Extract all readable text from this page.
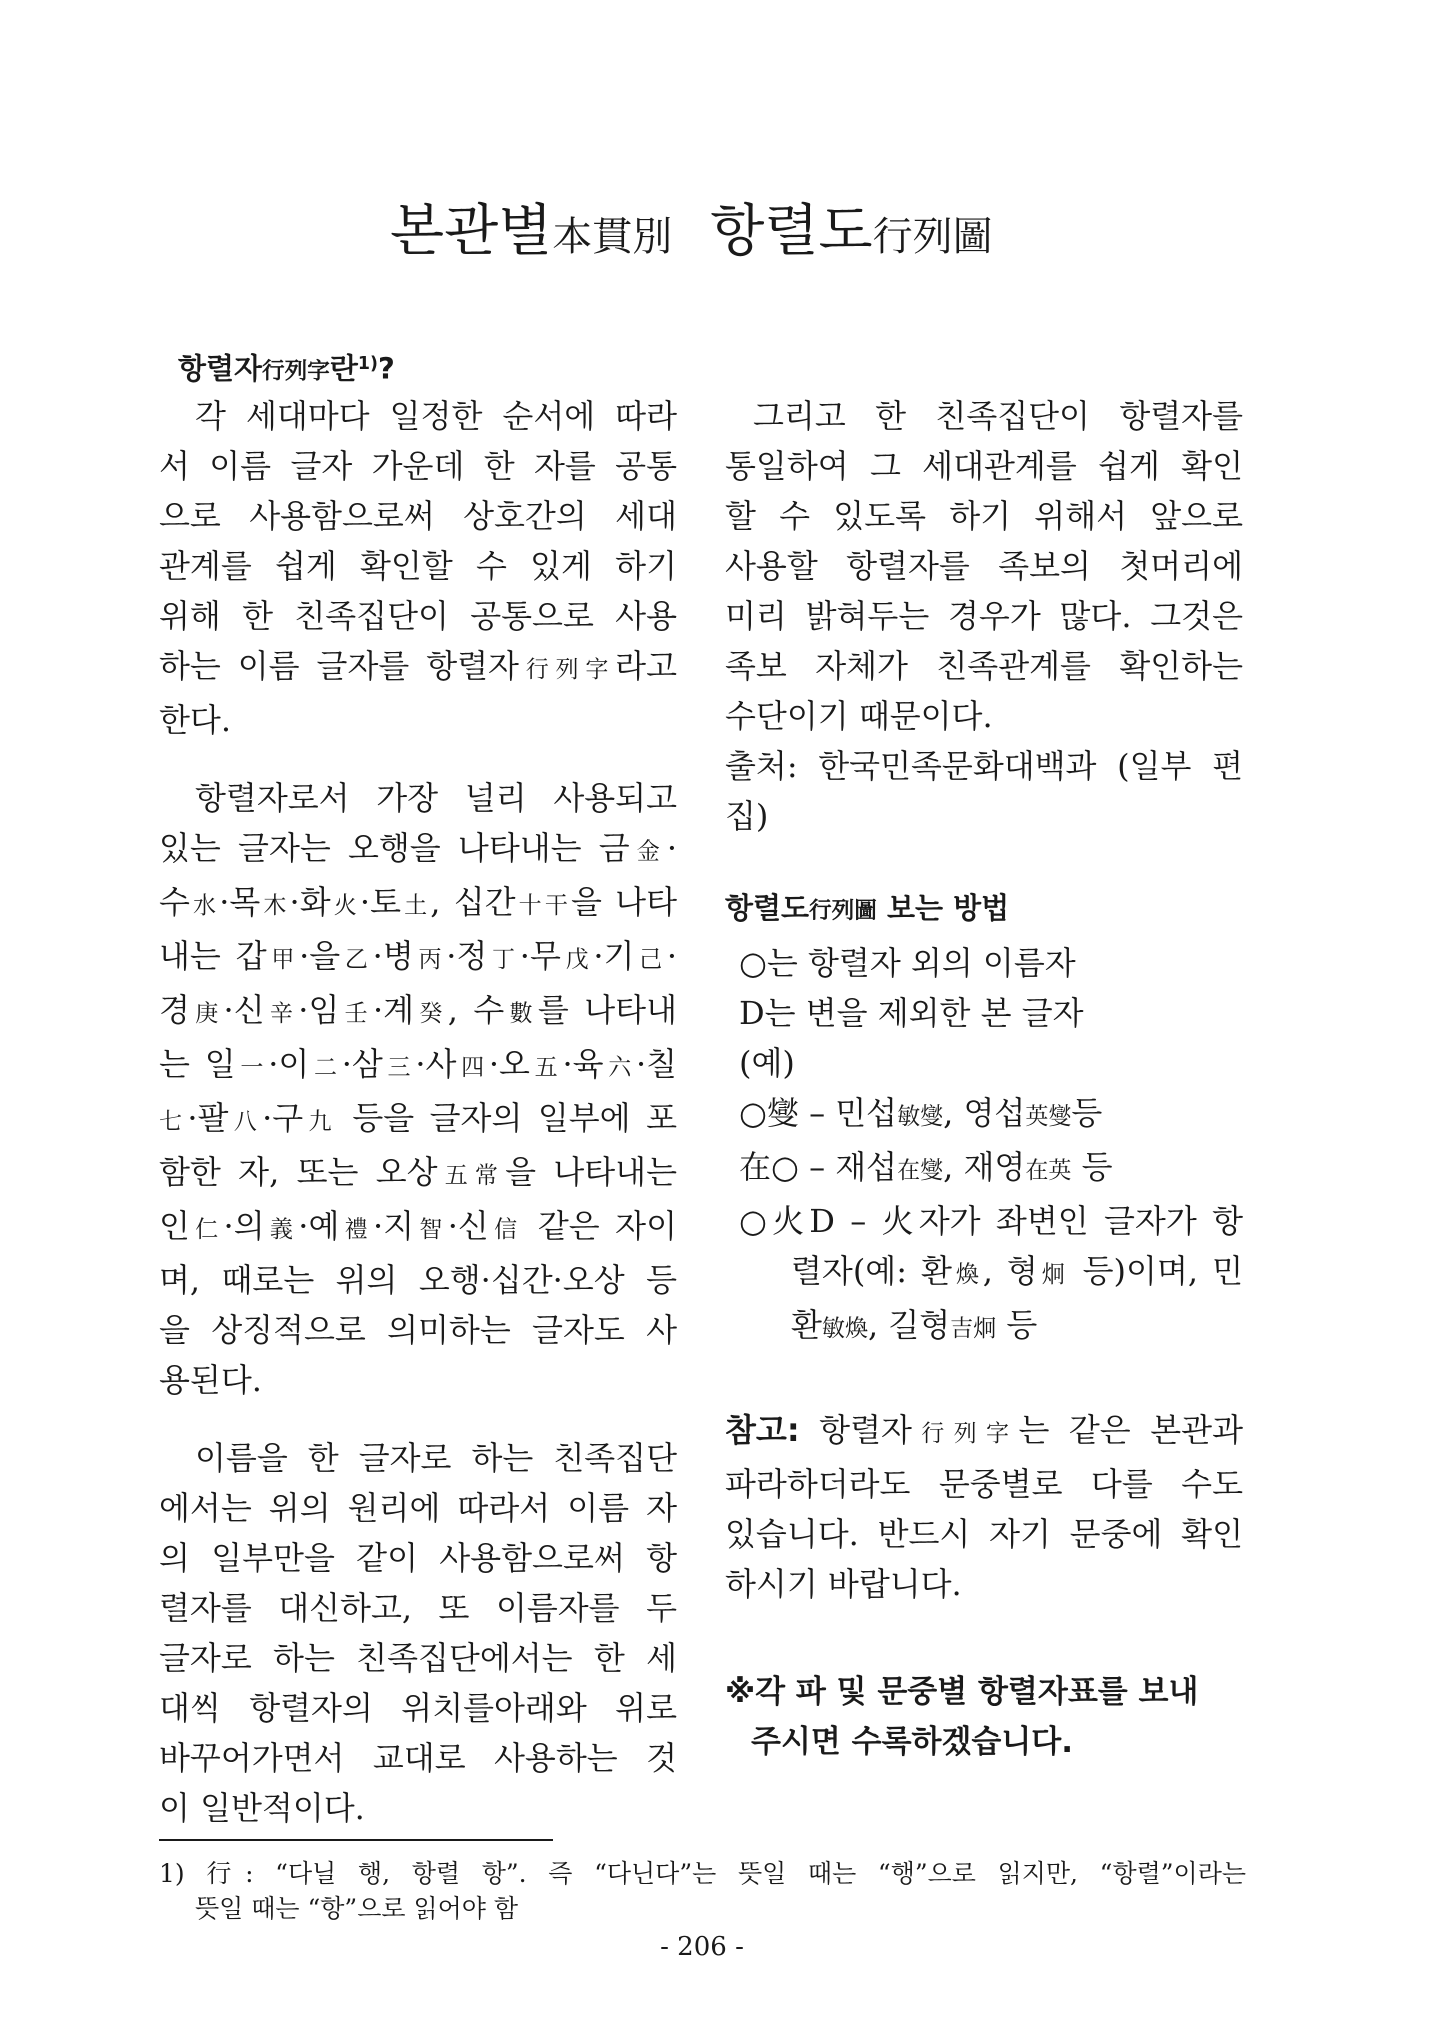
본관별本貫別 항렬도行列圖
항렬자行列字란$^{1)}$?
각 세대마다 일정한 순서에 따라
서 이름 글자 가운데 한 자를 공통
으로 사용함으로써 상호간의 세대
관계를 쉽게 확인할 수 있게 하기
위해 한 친족집단이 공통으로 사용
하는 이름 글자를 항렬자行列字라고
한다.
항렬자로서 가장 널리 사용되고
있는 글자는 오행을 나타내는 금金·
수水·목木·화火·토土, 십간十干을 나타
내는 갑甲·을乙·병丙·정丁·무戊·기己·
경庚·신辛·임壬·계癸, 수數를 나타내
는 일一·이二·삼三·사四·오五·육六·칠
七·팔八·구九 등을 글자의 일부에 포
함한 자, 또는 오상五常을 나타내는
인仁·의義·예禮·지智·신信 같은 자이
며, 때로는 위의 오행·십간·오상 등
을 상징적으로 의미하는 글자도 사
용된다.
이름을 한 글자로 하는 친족집단
에서는 위의 원리에 따라서 이름 자
의 일부만을 같이 사용함으로써 항
렬자를 대신하고, 또 이름자를 두
글자로 하는 친족집단에서는 한 세
대씩 항렬자의 위치를아래와 위로
바꾸어가면서 교대로 사용하는 것
이 일반적이다.
그리고 한 친족집단이 항렬자를
통일하여 그 세대관계를 쉽게 확인
할 수 있도록 하기 위해서 앞으로
사용할 항렬자를 족보의 첫머리에
미리 밝혀두는 경우가 많다. 그것은
족보 자체가 친족관계를 확인하는
수단이기 때문이다.
출처: 한국민족문화대백과 (일부 편
집)
항렬도行列圖 보는 방법
○는 항렬자 외의 이름자
D는 변을 제외한 본 글자
(예)
○燮 – 민섭敏燮, 영섭英燮등
在○ – 재섭在燮, 재영在英 등
○火D – 火자가 좌변인 글자가 항
렬자(예: 환煥, 형炯 등)이며, 민
환敏煥, 길형吉炯 등
참고: 항렬자行列字는 같은 본관과
파라하더라도 문중별로 다를 수도
있습니다. 반드시 자기 문중에 확인
하시기 바랍니다.
※각 파 및 문중별 항렬자표를 보내
주시면 수록하겠습니다.
1) 行: “다닐 행, 항렬 항”. 즉 “다닌다”는 뜻일 때는 “행”으로 읽지만, “항렬”이라는
뜻일 때는 “항”으로 읽어야 함
- 206 -
